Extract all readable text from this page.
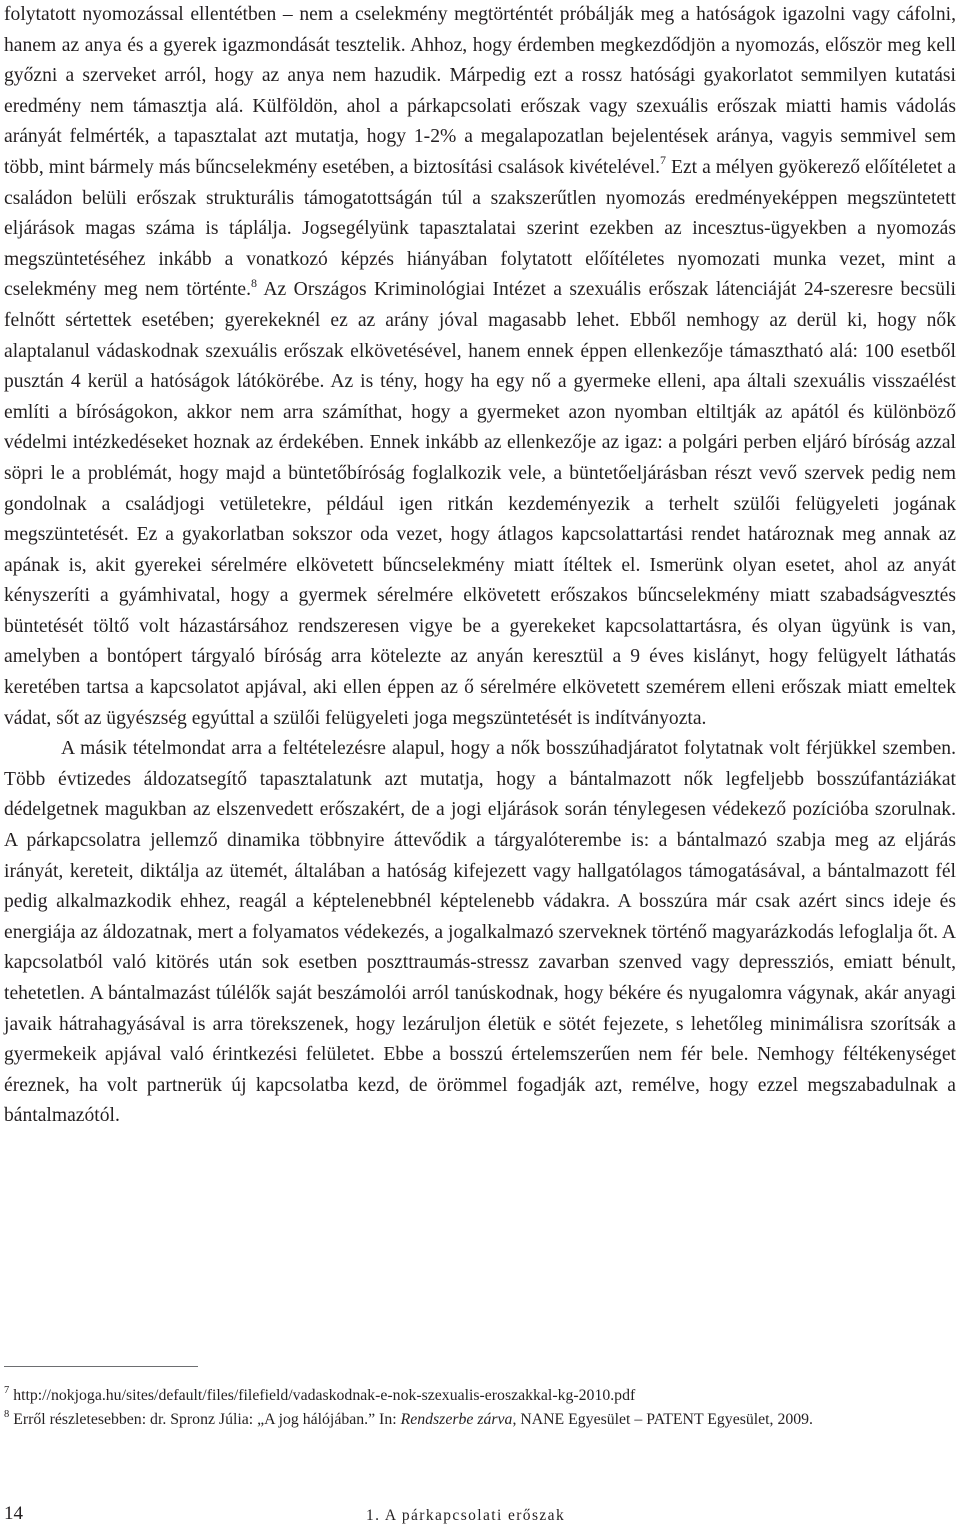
folytatott nyomozással ellentétben – nem a cselekmény megtörténtét próbálják meg a hatóságok igazolni vagy cáfolni, hanem az anya és a gyerek igazmondását tesztelik. Ahhoz, hogy érdemben megkezdődjön a nyomozás, először meg kell győzni a szerveket arról, hogy az anya nem hazudik. Márpedig ezt a rossz hatósági gyakorlatot semmilyen kutatási eredmény nem támasztja alá. Külföldön, ahol a párkapcsolati erőszak vagy szexuális erőszak miatti hamis vádolás arányát felmérték, a tapasztalat azt mutatja, hogy 1-2% a megalapozatlan bejelentések aránya, vagyis semmivel sem több, mint bármely más bűncselekmény esetében, a biztosítási csalások kivételével.$^7$ Ezt a mélyen gyökerező előítéletet a családon belüli erőszak strukturális támogatottságán túl a szakszerűtlen nyomozás eredményeképpen megszüntetett eljárások magas száma is táplálja. Jogsegélyünk tapasztalatai szerint ezekben az incesztus-ügyekben a nyomozás megszüntetéséhez inkább a vonatkozó képzés hiányában folytatott előítéletes nyomozati munka vezet, mint a cselekmény meg nem történte.$^8$ Az Országos Kriminológiai Intézet a szexuális erőszak látenciáját 24-szeresre becsüli felnőtt sértettek esetében; gyerekeknél ez az arány jóval magasabb lehet. Ebből nemhogy az derül ki, hogy nők alaptalanul vádaskodnak szexuális erőszak elkövetésével, hanem ennek éppen ellenkezője támasztható alá: 100 esetből pusztán 4 kerül a hatóságok látókörébe. Az is tény, hogy ha egy nő a gyermeke elleni, apa általi szexuális visszaélést említi a bíróságokon, akkor nem arra számíthat, hogy a gyermeket azon nyomban eltiltják az apától és különböző védelmi intézkedéseket hoznak az érdekében. Ennek inkább az ellenkezője az igaz: a polgári perben eljáró bíróság azzal söpri le a problémát, hogy majd a büntetőbíróság foglalkozik vele, a büntetőeljárásban részt vevő szervek pedig nem gondolnak a családjogi vetületekre, például igen ritkán kezdeményezik a terhelt szülői felügyeleti jogának megszüntetését. Ez a gyakorlatban sokszor oda vezet, hogy átlagos kapcsolattartási rendet határoznak meg annak az apának is, akit gyerekei sérelmére elkövetett bűncselekmény miatt ítéltek el. Ismerünk olyan esetet, ahol az anyát kényszeríti a gyámhivatal, hogy a gyermek sérelmére elkövetett erőszakos bűncselekmény miatt szabadságvesztés büntetését töltő volt házastársához rendszeresen vigye be a gyerekeket kapcsolattartásra, és olyan ügyünk is van, amelyben a bontópert tárgyaló bíróság arra kötelezte az anyán keresztül a 9 éves kislányt, hogy felügyelt láthatás keretében tartsa a kapcsolatot apjával, aki ellen éppen az ő sérelmére elkövetett szemérem elleni erőszak miatt emeltek vádat, sőt az ügyészség egyúttal a szülői felügyeleti joga megszüntetését is indítványozta.

A másik tételmondat arra a feltételezésre alapul, hogy a nők bosszúhadjáratot folytatnak volt férjükkel szemben. Több évtizedes áldozatsegítő tapasztalatunk azt mutatja, hogy a bántalmazott nők legfeljebb bosszúfantáziákat dédelgetnek magukban az elszenvedett erőszakért, de a jogi eljárások során ténylegesen védekező pozícióba szorulnak. A párkapcsolatra jellemző dinamika többnyire áttevődik a tárgyalóterembe is: a bántalmazó szabja meg az eljárás irányát, kereteit, diktálja az ütemét, általában a hatóság kifejezett vagy hallgatólagos támogatásával, a bántalmazott fél pedig alkalmazkodik ehhez, reagál a képtelenebbnél képtelenebb vádakra. A bosszúra már csak azért sincs ideje és energiája az áldozatnak, mert a folyamatos védekezés, a jogalkalmazó szerveknek történő magyarázkodás lefoglalja őt. A kapcsolatból való kitörés után sok esetben poszttraumás-stressz zavarban szenved vagy depressziós, emiatt bénult, tehetetlen. A bántalmazást túlélők saját beszámolói arról tanúskodnak, hogy békére és nyugalomra vágynak, akár anyagi javaik hátrahagyásával is arra törekszenek, hogy lezáruljon életük e sötét fejezete, s lehetőleg minimálisra szorítsák a gyermekeik apjával való érintkezési felületet. Ebbe a bosszú értelemszerűen nem fér bele. Nemhogy féltékenységet éreznek, ha volt partnerük új kapcsolatba kezd, de örömmel fogadják azt, remélve, hogy ezzel megszabadulnak a bántalmazótól.

$^7$ http://nokjoga.hu/sites/default/files/filefield/vadaskodnak-e-nok-szexualis-eroszakkal-kg-2010.pdf

$^8$ Erről részletesebben: dr. Spronz Júlia: „A jog hálójában.” In: Rendszerbe zárva, NANE Egyesület – PATENT Egyesület, 2009.

14	1. A párkapcsolati erőszak
